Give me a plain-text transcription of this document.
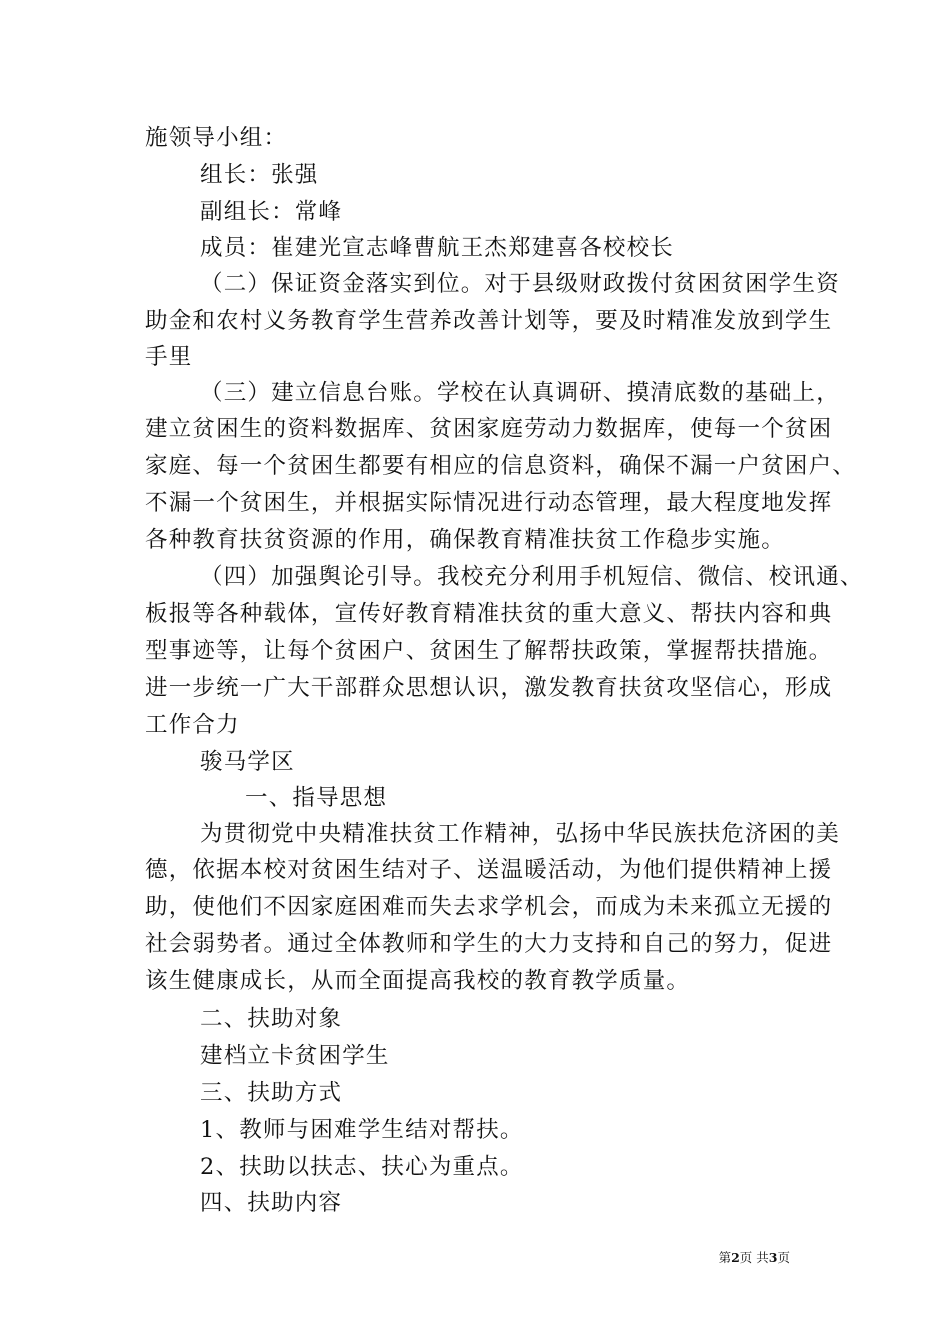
施领导小组：
组长：张强
副组长：常峰
成员：崔建光宣志峰曹航王杰郑建喜各校校长
（二）保证资金落实到位。对于县级财政拨付贫困贫困学生资
助金和农村义务教育学生营养改善计划等，要及时精准发放到学生
手里
（三）建立信息台账。学校在认真调研、摸清底数的基础上，
建立贫困生的资料数据库、贫困家庭劳动力数据库，使每一个贫困
家庭、每一个贫困生都要有相应的信息资料，确保不漏一户贫困户、
不漏一个贫困生，并根据实际情况进行动态管理，最大程度地发挥
各种教育扶贫资源的作用，确保教育精准扶贫工作稳步实施。
（四）加强舆论引导。我校充分利用手机短信、微信、校讯通、
板报等各种载体，宣传好教育精准扶贫的重大意义、帮扶内容和典
型事迹等，让每个贫困户、贫困生了解帮扶政策，掌握帮扶措施。
进一步统一广大干部群众思想认识，激发教育扶贫攻坚信心，形成
工作合力
骏马学区
一、指导思想
为贯彻党中央精准扶贫工作精神，弘扬中华民族扶危济困的美
德，依据本校对贫困生结对子、送温暖活动，为他们提供精神上援
助，使他们不因家庭困难而失去求学机会，而成为未来孤立无援的
社会弱势者。通过全体教师和学生的大力支持和自己的努力，促进
该生健康成长，从而全面提高我校的教育教学质量。
二、扶助对象
建档立卡贫困学生
三、扶助方式
1、教师与困难学生结对帮扶。
2、扶助以扶志、扶心为重点。
四、扶助内容
第2页 共3页
